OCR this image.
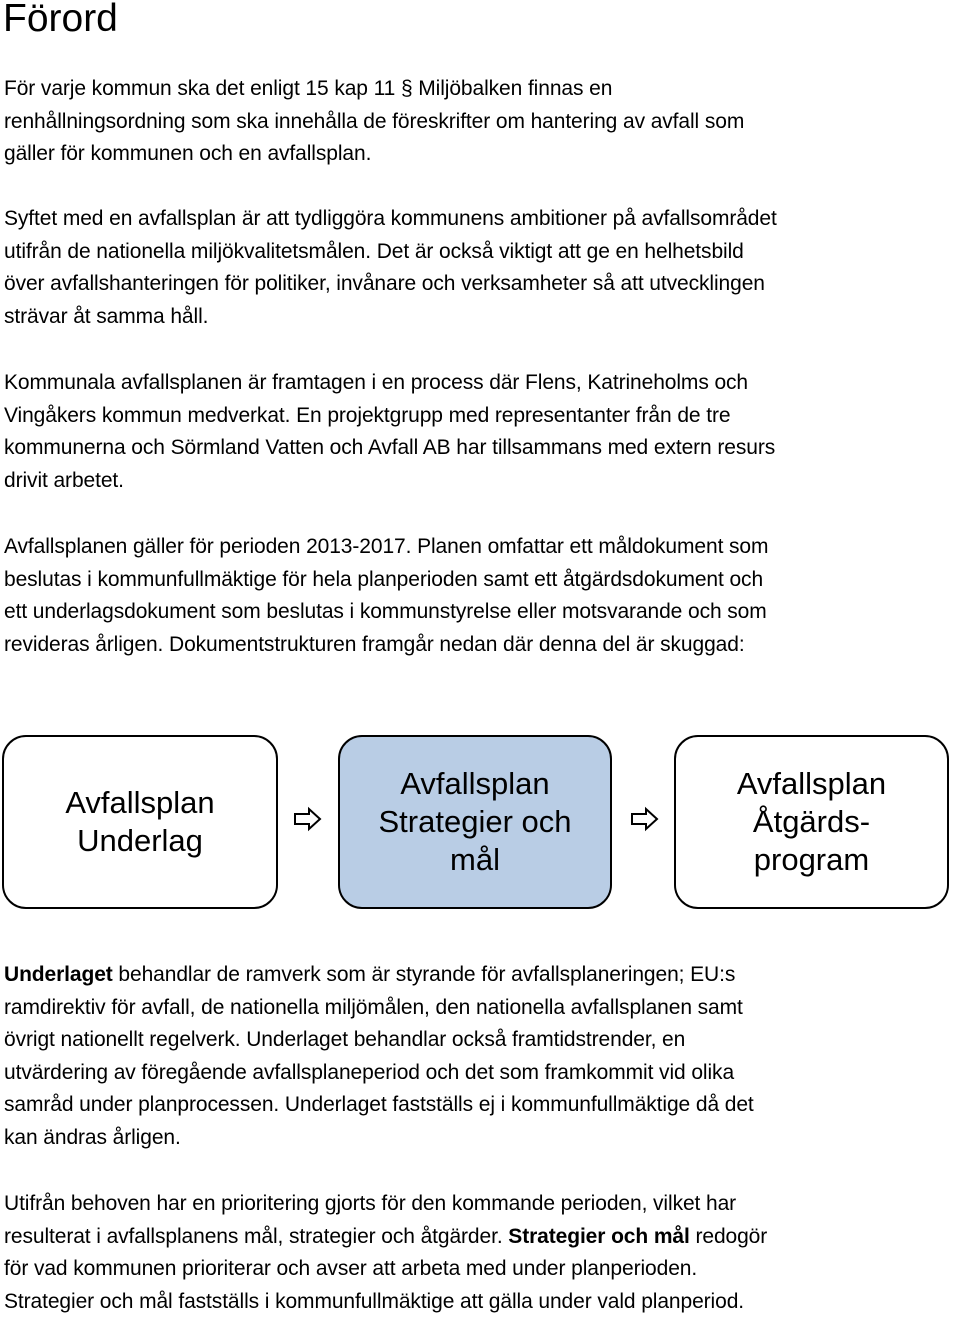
Förord

För varje kommun ska det enligt 15 kap 11 § Miljöbalken finnas en
renhållningsordning som ska innehålla de föreskrifter om hantering av avfall som
gäller för kommunen och en avfallsplan.

Syftet med en avfallsplan är att tydliggöra kommunens ambitioner på avfallsområdet
utifrån de nationella miljökvalitetsmålen. Det är också viktigt att ge en helhetsbild
över avfallshanteringen för politiker, invånare och verksamheter så att utvecklingen
strävar åt samma håll.

Kommunala avfallsplanen är framtagen i en process där Flens, Katrineholms och
Vingåkers kommun medverkat. En projektgrupp med representanter från de tre
kommunerna och Sörmland Vatten och Avfall AB har tillsammans med extern resurs
drivit arbetet.

Avfallsplanen gäller för perioden 2013-2017. Planen omfattar ett måldokument som
beslutas i kommunfullmäktige för hela planperioden samt ett åtgärdsdokument och
ett underlagsdokument som beslutas i kommunstyrelse eller motsvarande och som
revideras årligen. Dokumentstrukturen framgår nedan där denna del är skuggad:

Avfallsplan
Underlag
Avfallsplan
Strategier och
mål
Avfallsplan
Åtgärds-
program

Underlaget behandlar de ramverk som är styrande för avfallsplaneringen; EU:s
ramdirektiv för avfall, de nationella miljömålen, den nationella avfallsplanen samt
övrigt nationellt regelverk. Underlaget behandlar också framtidstrender, en
utvärdering av föregående avfallsplaneperiod och det som framkommit vid olika
samråd under planprocessen. Underlaget fastställs ej i kommunfullmäktige då det
kan ändras årligen.

Utifrån behoven har en prioritering gjorts för den kommande perioden, vilket har
resulterat i avfallsplanens mål, strategier och åtgärder. Strategier och mål redogör
för vad kommunen prioriterar och avser att arbeta med under planperioden.
Strategier och mål fastställs i kommunfullmäktige att gälla under vald planperiod.
